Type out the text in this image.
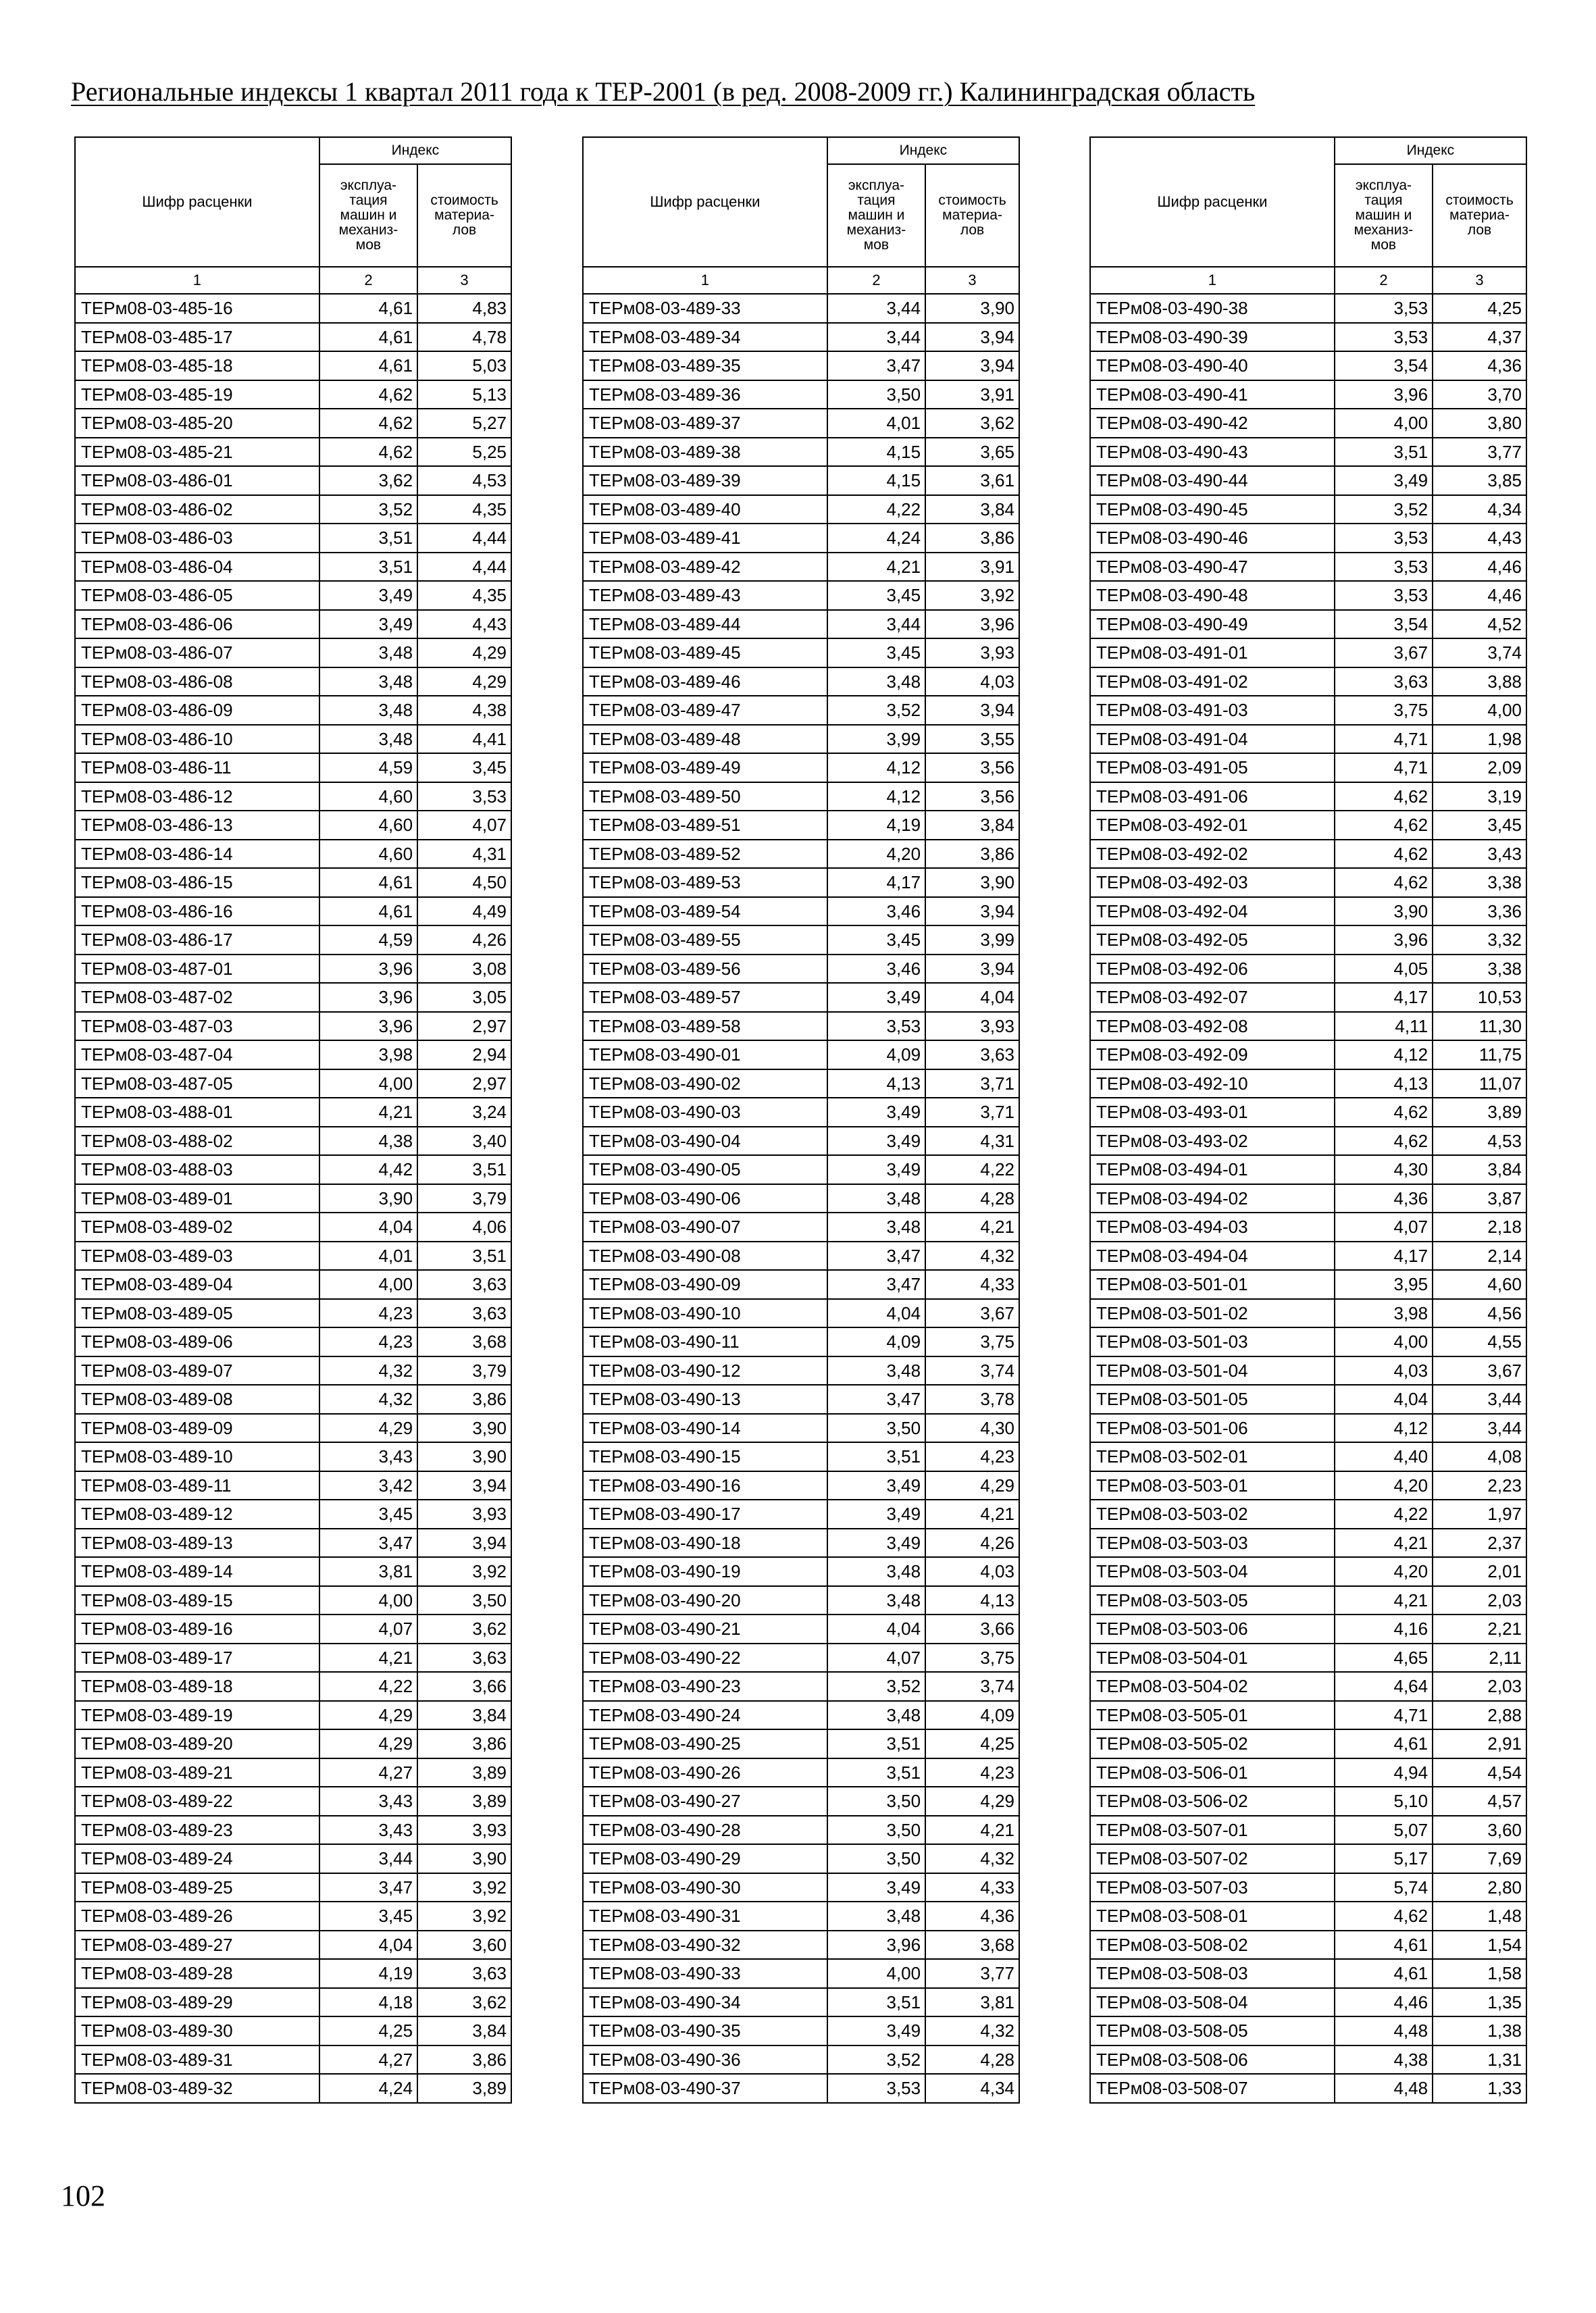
Региональные индексы 1 квартал 2011 года к ТЕР-2001 (в ред. 2008-2009 гг.) Калининградская область
Шифр расценки	Индекс	
	эксплуа-
тация
машин и
механиз-
мов	стоимость
материа-
лов
1	2	3
ТЕРм08-03-485-16	4,61	4,83
ТЕРм08-03-485-17	4,61	4,78
ТЕРм08-03-485-18	4,61	5,03
ТЕРм08-03-485-19	4,62	5,13
ТЕРм08-03-485-20	4,62	5,27
ТЕРм08-03-485-21	4,62	5,25
ТЕРм08-03-486-01	3,62	4,53
ТЕРм08-03-486-02	3,52	4,35
ТЕРм08-03-486-03	3,51	4,44
ТЕРм08-03-486-04	3,51	4,44
ТЕРм08-03-486-05	3,49	4,35
ТЕРм08-03-486-06	3,49	4,43
ТЕРм08-03-486-07	3,48	4,29
ТЕРм08-03-486-08	3,48	4,29
ТЕРм08-03-486-09	3,48	4,38
ТЕРм08-03-486-10	3,48	4,41
ТЕРм08-03-486-11	4,59	3,45
ТЕРм08-03-486-12	4,60	3,53
ТЕРм08-03-486-13	4,60	4,07
ТЕРм08-03-486-14	4,60	4,31
ТЕРм08-03-486-15	4,61	4,50
ТЕРм08-03-486-16	4,61	4,49
ТЕРм08-03-486-17	4,59	4,26
ТЕРм08-03-487-01	3,96	3,08
ТЕРм08-03-487-02	3,96	3,05
ТЕРм08-03-487-03	3,96	2,97
ТЕРм08-03-487-04	3,98	2,94
ТЕРм08-03-487-05	4,00	2,97
ТЕРм08-03-488-01	4,21	3,24
ТЕРм08-03-488-02	4,38	3,40
ТЕРм08-03-488-03	4,42	3,51
ТЕРм08-03-489-01	3,90	3,79
ТЕРм08-03-489-02	4,04	4,06
ТЕРм08-03-489-03	4,01	3,51
ТЕРм08-03-489-04	4,00	3,63
ТЕРм08-03-489-05	4,23	3,63
ТЕРм08-03-489-06	4,23	3,68
ТЕРм08-03-489-07	4,32	3,79
ТЕРм08-03-489-08	4,32	3,86
ТЕРм08-03-489-09	4,29	3,90
ТЕРм08-03-489-10	3,43	3,90
ТЕРм08-03-489-11	3,42	3,94
ТЕРм08-03-489-12	3,45	3,93
ТЕРм08-03-489-13	3,47	3,94
ТЕРм08-03-489-14	3,81	3,92
ТЕРм08-03-489-15	4,00	3,50
ТЕРм08-03-489-16	4,07	3,62
ТЕРм08-03-489-17	4,21	3,63
ТЕРм08-03-489-18	4,22	3,66
ТЕРм08-03-489-19	4,29	3,84
ТЕРм08-03-489-20	4,29	3,86
ТЕРм08-03-489-21	4,27	3,89
ТЕРм08-03-489-22	3,43	3,89
ТЕРм08-03-489-23	3,43	3,93
ТЕРм08-03-489-24	3,44	3,90
ТЕРм08-03-489-25	3,47	3,92
ТЕРм08-03-489-26	3,45	3,92
ТЕРм08-03-489-27	4,04	3,60
ТЕРм08-03-489-28	4,19	3,63
ТЕРм08-03-489-29	4,18	3,62
ТЕРм08-03-489-30	4,25	3,84
ТЕРм08-03-489-31	4,27	3,86
ТЕРм08-03-489-32	4,24	3,89
Шифр расценки	Индекс	
	эксплуа-
тация
машин и
механиз-
мов	стоимость
материа-
лов
1	2	3
ТЕРм08-03-489-33	3,44	3,90
ТЕРм08-03-489-34	3,44	3,94
ТЕРм08-03-489-35	3,47	3,94
ТЕРм08-03-489-36	3,50	3,91
ТЕРм08-03-489-37	4,01	3,62
ТЕРм08-03-489-38	4,15	3,65
ТЕРм08-03-489-39	4,15	3,61
ТЕРм08-03-489-40	4,22	3,84
ТЕРм08-03-489-41	4,24	3,86
ТЕРм08-03-489-42	4,21	3,91
ТЕРм08-03-489-43	3,45	3,92
ТЕРм08-03-489-44	3,44	3,96
ТЕРм08-03-489-45	3,45	3,93
ТЕРм08-03-489-46	3,48	4,03
ТЕРм08-03-489-47	3,52	3,94
ТЕРм08-03-489-48	3,99	3,55
ТЕРм08-03-489-49	4,12	3,56
ТЕРм08-03-489-50	4,12	3,56
ТЕРм08-03-489-51	4,19	3,84
ТЕРм08-03-489-52	4,20	3,86
ТЕРм08-03-489-53	4,17	3,90
ТЕРм08-03-489-54	3,46	3,94
ТЕРм08-03-489-55	3,45	3,99
ТЕРм08-03-489-56	3,46	3,94
ТЕРм08-03-489-57	3,49	4,04
ТЕРм08-03-489-58	3,53	3,93
ТЕРм08-03-490-01	4,09	3,63
ТЕРм08-03-490-02	4,13	3,71
ТЕРм08-03-490-03	3,49	3,71
ТЕРм08-03-490-04	3,49	4,31
ТЕРм08-03-490-05	3,49	4,22
ТЕРм08-03-490-06	3,48	4,28
ТЕРм08-03-490-07	3,48	4,21
ТЕРм08-03-490-08	3,47	4,32
ТЕРм08-03-490-09	3,47	4,33
ТЕРм08-03-490-10	4,04	3,67
ТЕРм08-03-490-11	4,09	3,75
ТЕРм08-03-490-12	3,48	3,74
ТЕРм08-03-490-13	3,47	3,78
ТЕРм08-03-490-14	3,50	4,30
ТЕРм08-03-490-15	3,51	4,23
ТЕРм08-03-490-16	3,49	4,29
ТЕРм08-03-490-17	3,49	4,21
ТЕРм08-03-490-18	3,49	4,26
ТЕРм08-03-490-19	3,48	4,03
ТЕРм08-03-490-20	3,48	4,13
ТЕРм08-03-490-21	4,04	3,66
ТЕРм08-03-490-22	4,07	3,75
ТЕРм08-03-490-23	3,52	3,74
ТЕРм08-03-490-24	3,48	4,09
ТЕРм08-03-490-25	3,51	4,25
ТЕРм08-03-490-26	3,51	4,23
ТЕРм08-03-490-27	3,50	4,29
ТЕРм08-03-490-28	3,50	4,21
ТЕРм08-03-490-29	3,50	4,32
ТЕРм08-03-490-30	3,49	4,33
ТЕРм08-03-490-31	3,48	4,36
ТЕРм08-03-490-32	3,96	3,68
ТЕРм08-03-490-33	4,00	3,77
ТЕРм08-03-490-34	3,51	3,81
ТЕРм08-03-490-35	3,49	4,32
ТЕРм08-03-490-36	3,52	4,28
ТЕРм08-03-490-37	3,53	4,34
Шифр расценки	Индекс	
	эксплуа-
тация
машин и
механиз-
мов	стоимость
материа-
лов
1	2	3
ТЕРм08-03-490-38	3,53	4,25
ТЕРм08-03-490-39	3,53	4,37
ТЕРм08-03-490-40	3,54	4,36
ТЕРм08-03-490-41	3,96	3,70
ТЕРм08-03-490-42	4,00	3,80
ТЕРм08-03-490-43	3,51	3,77
ТЕРм08-03-490-44	3,49	3,85
ТЕРм08-03-490-45	3,52	4,34
ТЕРм08-03-490-46	3,53	4,43
ТЕРм08-03-490-47	3,53	4,46
ТЕРм08-03-490-48	3,53	4,46
ТЕРм08-03-490-49	3,54	4,52
ТЕРм08-03-491-01	3,67	3,74
ТЕРм08-03-491-02	3,63	3,88
ТЕРм08-03-491-03	3,75	4,00
ТЕРм08-03-491-04	4,71	1,98
ТЕРм08-03-491-05	4,71	2,09
ТЕРм08-03-491-06	4,62	3,19
ТЕРм08-03-492-01	4,62	3,45
ТЕРм08-03-492-02	4,62	3,43
ТЕРм08-03-492-03	4,62	3,38
ТЕРм08-03-492-04	3,90	3,36
ТЕРм08-03-492-05	3,96	3,32
ТЕРм08-03-492-06	4,05	3,38
ТЕРм08-03-492-07	4,17	10,53
ТЕРм08-03-492-08	4,11	11,30
ТЕРм08-03-492-09	4,12	11,75
ТЕРм08-03-492-10	4,13	11,07
ТЕРм08-03-493-01	4,62	3,89
ТЕРм08-03-493-02	4,62	4,53
ТЕРм08-03-494-01	4,30	3,84
ТЕРм08-03-494-02	4,36	3,87
ТЕРм08-03-494-03	4,07	2,18
ТЕРм08-03-494-04	4,17	2,14
ТЕРм08-03-501-01	3,95	4,60
ТЕРм08-03-501-02	3,98	4,56
ТЕРм08-03-501-03	4,00	4,55
ТЕРм08-03-501-04	4,03	3,67
ТЕРм08-03-501-05	4,04	3,44
ТЕРм08-03-501-06	4,12	3,44
ТЕРм08-03-502-01	4,40	4,08
ТЕРм08-03-503-01	4,20	2,23
ТЕРм08-03-503-02	4,22	1,97
ТЕРм08-03-503-03	4,21	2,37
ТЕРм08-03-503-04	4,20	2,01
ТЕРм08-03-503-05	4,21	2,03
ТЕРм08-03-503-06	4,16	2,21
ТЕРм08-03-504-01	4,65	2,11
ТЕРм08-03-504-02	4,64	2,03
ТЕРм08-03-505-01	4,71	2,88
ТЕРм08-03-505-02	4,61	2,91
ТЕРм08-03-506-01	4,94	4,54
ТЕРм08-03-506-02	5,10	4,57
ТЕРм08-03-507-01	5,07	3,60
ТЕРм08-03-507-02	5,17	7,69
ТЕРм08-03-507-03	5,74	2,80
ТЕРм08-03-508-01	4,62	1,48
ТЕРм08-03-508-02	4,61	1,54
ТЕРм08-03-508-03	4,61	1,58
ТЕРм08-03-508-04	4,46	1,35
ТЕРм08-03-508-05	4,48	1,38
ТЕРм08-03-508-06	4,38	1,31
ТЕРм08-03-508-07	4,48	1,33
102
